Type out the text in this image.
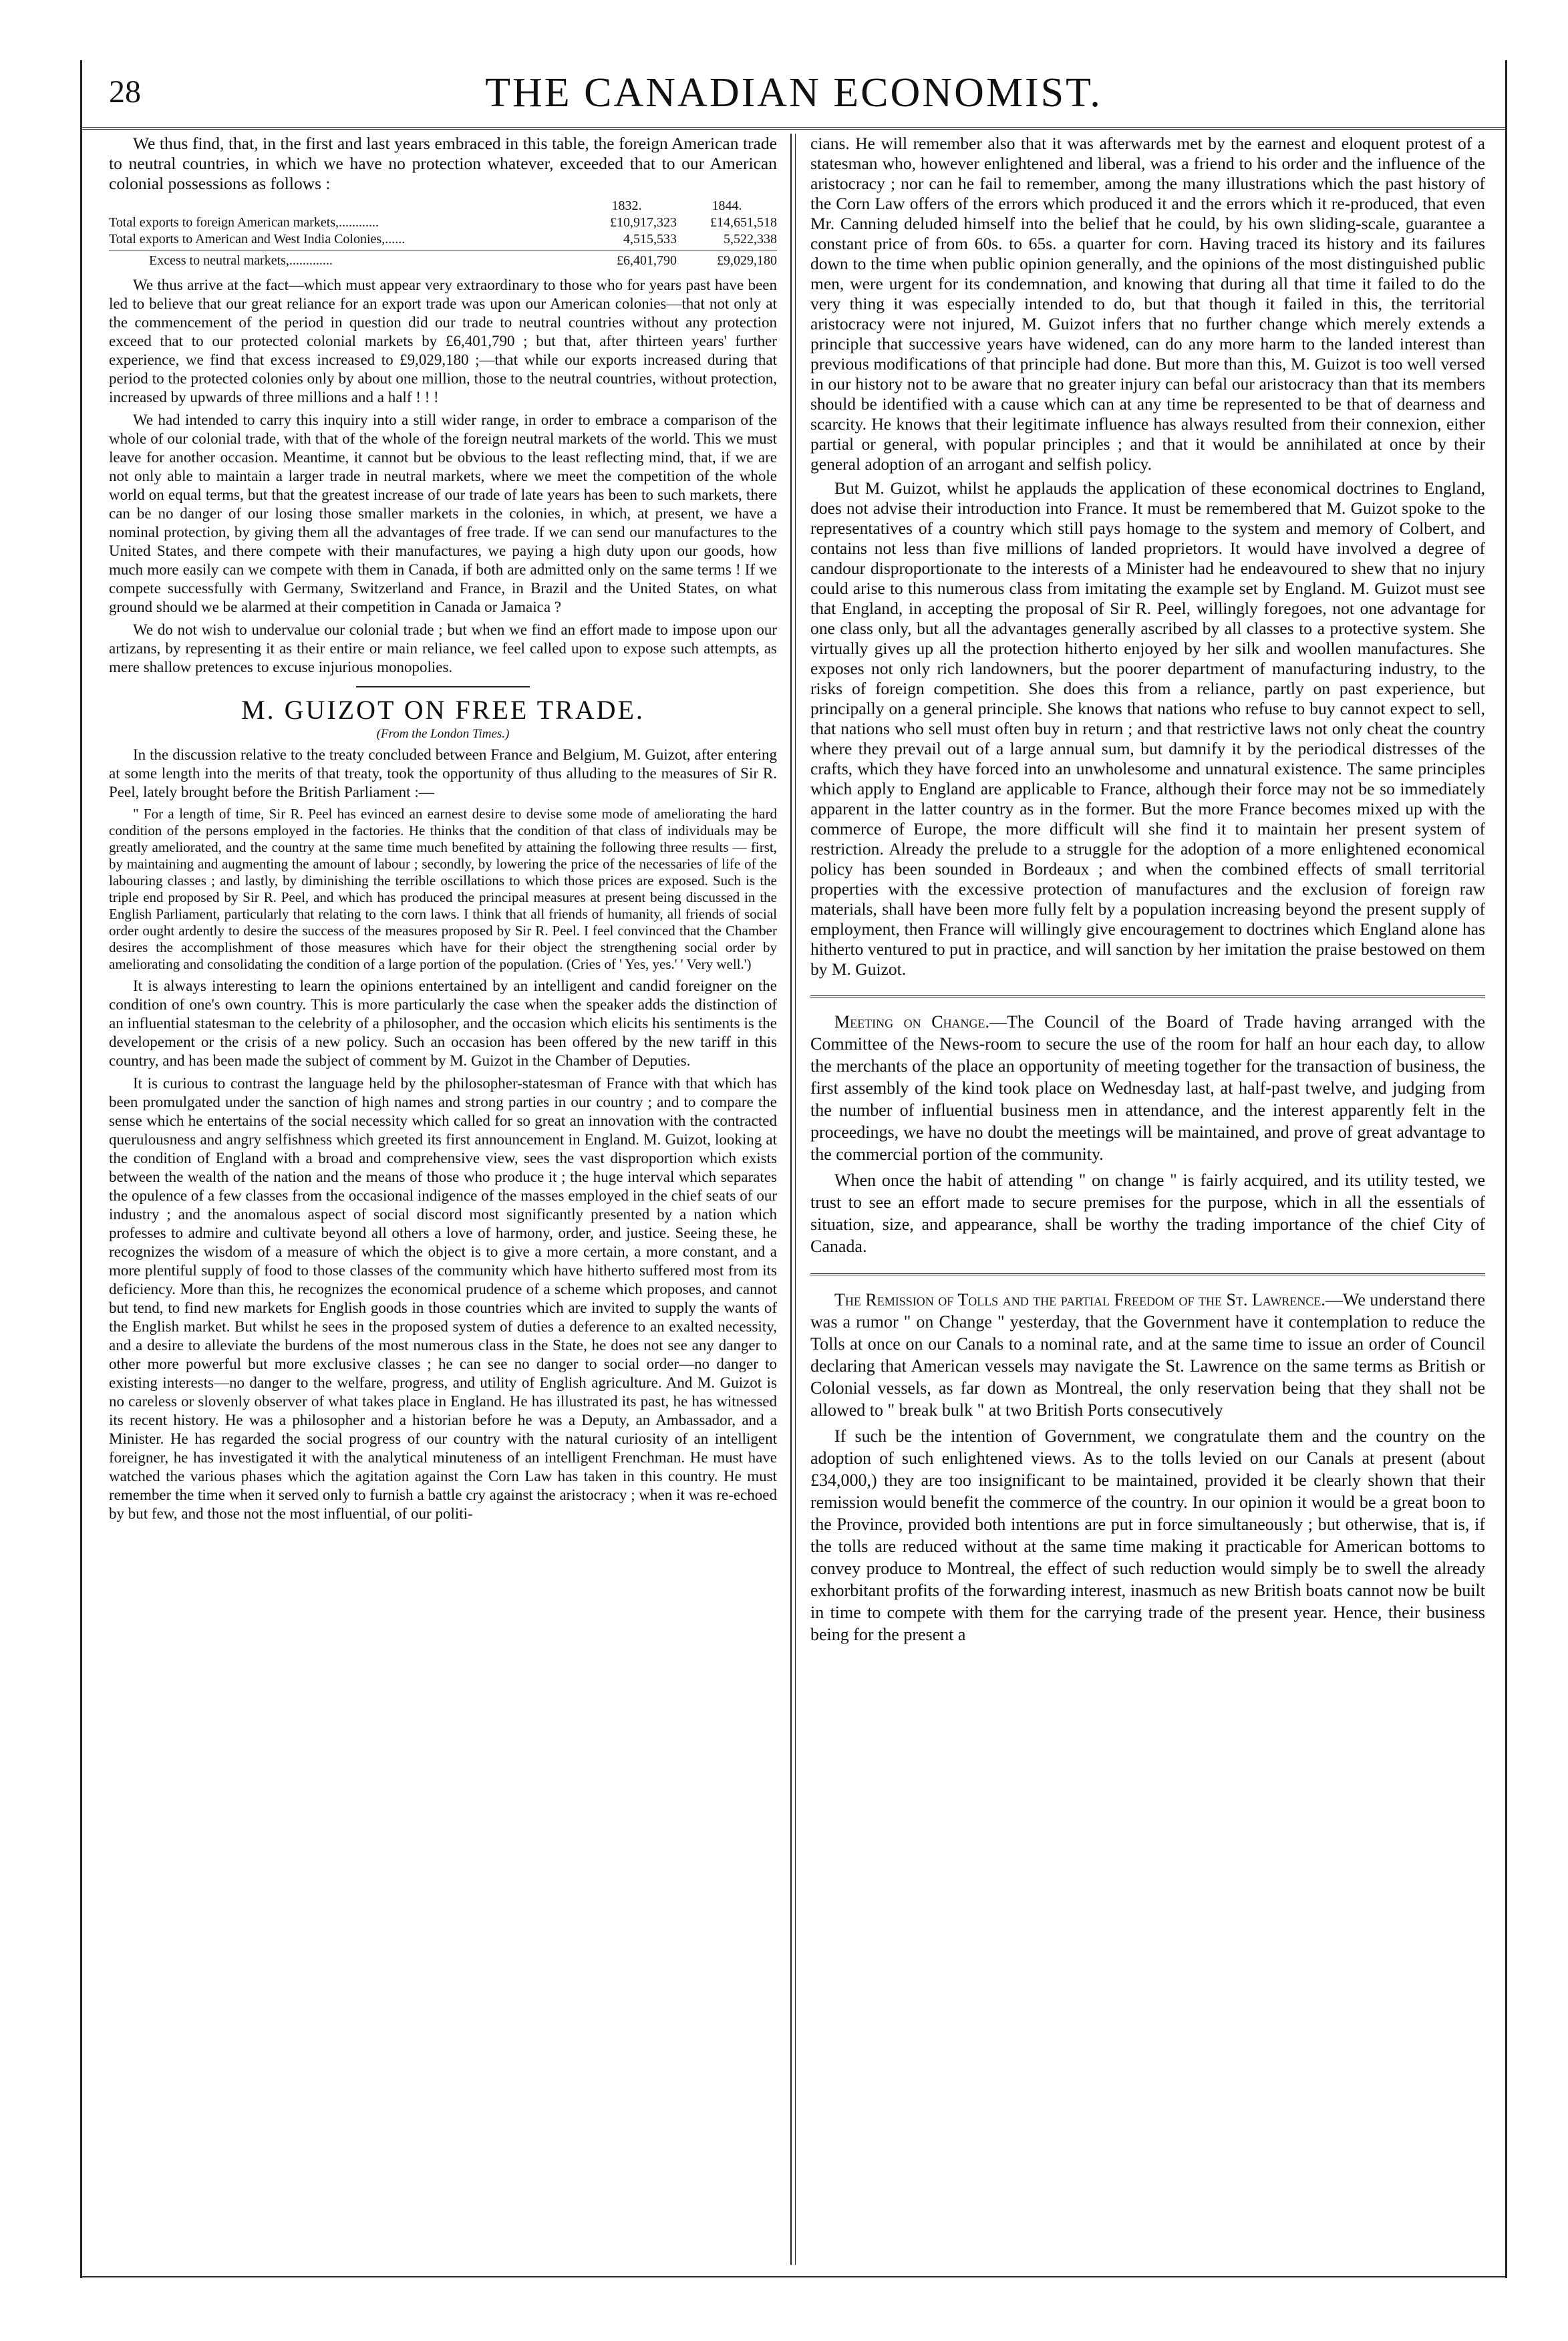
28	THE CANADIAN ECONOMIST.

We thus find, that, in the first and last years embraced in this table, the foreign American trade to neutral countries, in which we have no protection whatever, exceeded that to our American colonial possessions as follows :

1832.	1844.
Total exports to foreign American markets,............	£10,917,323	£14,651,518
Total exports to American and West India Colonies,......	4,515,533	5,522,338
Excess to neutral markets,.............	£6,401,790	£9,029,180

We thus arrive at the fact—which must appear very extraordinary to those who for years past have been led to believe that our great reliance for an export trade was upon our American colonies—that not only at the commencement of the period in question did our trade to neutral countries without any protection exceed that to our protected colonial markets by £6,401,790 ; but that, after thirteen years' further experience, we find that excess increased to £9,029,180 ;—that while our exports increased during that period to the protected colonies only by about one million, those to the neutral countries, without protection, increased by upwards of three millions and a half ! ! !

We had intended to carry this inquiry into a still wider range, in order to embrace a comparison of the whole of our colonial trade, with that of the whole of the foreign neutral markets of the world. This we must leave for another occasion. Meantime, it cannot but be obvious to the least reflecting mind, that, if we are not only able to maintain a larger trade in neutral markets, where we meet the competition of the whole world on equal terms, but that the greatest increase of our trade of late years has been to such markets, there can be no danger of our losing those smaller markets in the colonies, in which, at present, we have a nominal protection, by giving them all the advantages of free trade. If we can send our manufactures to the United States, and there compete with their manufactures, we paying a high duty upon our goods, how much more easily can we compete with them in Canada, if both are admitted only on the same terms ! If we compete successfully with Germany, Switzerland and France, in Brazil and the United States, on what ground should we be alarmed at their competition in Canada or Jamaica ?

We do not wish to undervalue our colonial trade ; but when we find an effort made to impose upon our artizans, by representing it as their entire or main reliance, we feel called upon to expose such attempts, as mere shallow pretences to excuse injurious monopolies.

M. GUIZOT ON FREE TRADE.
(From the London Times.)

In the discussion relative to the treaty concluded between France and Belgium, M. Guizot, after entering at some length into the merits of that treaty, took the opportunity of thus alluding to the measures of Sir R. Peel, lately brought before the British Parliament :—

" For a length of time, Sir R. Peel has evinced an earnest desire to devise some mode of ameliorating the hard condition of the persons employed in the factories. He thinks that the condition of that class of individuals may be greatly ameliorated, and the country at the same time much benefited by attaining the following three results — first, by maintaining and augmenting the amount of labour ; secondly, by lowering the price of the necessaries of life of the labouring classes ; and lastly, by diminishing the terrible oscillations to which those prices are exposed. Such is the triple end proposed by Sir R. Peel, and which has produced the principal measures at present being discussed in the English Parliament, particularly that relating to the corn laws. I think that all friends of humanity, all friends of social order ought ardently to desire the success of the measures proposed by Sir R. Peel. I feel convinced that the Chamber desires the accomplishment of those measures which have for their object the strengthening social order by ameliorating and consolidating the condition of a large portion of the population. (Cries of ' Yes, yes.' ' Very well.')

It is always interesting to learn the opinions entertained by an intelligent and candid foreigner on the condition of one's own country. This is more particularly the case when the speaker adds the distinction of an influential statesman to the celebrity of a philosopher, and the occasion which elicits his sentiments is the developement or the crisis of a new policy. Such an occasion has been offered by the new tariff in this country, and has been made the subject of comment by M. Guizot in the Chamber of Deputies.

It is curious to contrast the language held by the philosopher-statesman of France with that which has been promulgated under the sanction of high names and strong parties in our country ; and to compare the sense which he entertains of the social necessity which called for so great an innovation with the contracted querulousness and angry selfishness which greeted its first announcement in England. M. Guizot, looking at the condition of England with a broad and comprehensive view, sees the vast disproportion which exists between the wealth of the nation and the means of those who produce it ; the huge interval which separates the opulence of a few classes from the occasional indigence of the masses employed in the chief seats of our industry ; and the anomalous aspect of social discord most significantly presented by a nation which professes to admire and cultivate beyond all others a love of harmony, order, and justice. Seeing these, he recognizes the wisdom of a measure of which the object is to give a more certain, a more constant, and a more plentiful supply of food to those classes of the community which have hitherto suffered most from its deficiency. More than this, he recognizes the economical prudence of a scheme which proposes, and cannot but tend, to find new markets for English goods in those countries which are invited to supply the wants of the English market. But whilst he sees in the proposed system of duties a deference to an exalted necessity, and a desire to alleviate the burdens of the most numerous class in the State, he does not see any danger to other more powerful but more exclusive classes ; he can see no danger to social order—no danger to existing interests—no danger to the welfare, progress, and utility of English agriculture. And M. Guizot is no careless or slovenly observer of what takes place in England. He has illustrated its past, he has witnessed its recent history. He was a philosopher and a historian before he was a Deputy, an Ambassador, and a Minister. He has regarded the social progress of our country with the natural curiosity of an intelligent foreigner, he has investigated it with the analytical minuteness of an intelligent Frenchman. He must have watched the various phases which the agitation against the Corn Law has taken in this country. He must remember the time when it served only to furnish a battle cry against the aristocracy ; when it was re-echoed by but few, and those not the most influential, of our politi-

cians. He will remember also that it was afterwards met by the earnest and eloquent protest of a statesman who, however enlightened and liberal, was a friend to his order and the influence of the aristocracy ; nor can he fail to remember, among the many illustrations which the past history of the Corn Law offers of the errors which produced it and the errors which it re-produced, that even Mr. Canning deluded himself into the belief that he could, by his own sliding-scale, guarantee a constant price of from 60s. to 65s. a quarter for corn. Having traced its history and its failures down to the time when public opinion generally, and the opinions of the most distinguished public men, were urgent for its condemnation, and knowing that during all that time it failed to do the very thing it was especially intended to do, but that though it failed in this, the territorial aristocracy were not injured, M. Guizot infers that no further change which merely extends a principle that successive years have widened, can do any more harm to the landed interest than previous modifications of that principle had done. But more than this, M. Guizot is too well versed in our history not to be aware that no greater injury can befal our aristocracy than that its members should be identified with a cause which can at any time be represented to be that of dearness and scarcity. He knows that their legitimate influence has always resulted from their connexion, either partial or general, with popular principles ; and that it would be annihilated at once by their general adoption of an arrogant and selfish policy.

But M. Guizot, whilst he applauds the application of these economical doctrines to England, does not advise their introduction into France. It must be remembered that M. Guizot spoke to the representatives of a country which still pays homage to the system and memory of Colbert, and contains not less than five millions of landed proprietors. It would have involved a degree of candour disproportionate to the interests of a Minister had he endeavoured to shew that no injury could arise to this numerous class from imitating the example set by England. M. Guizot must see that England, in accepting the proposal of Sir R. Peel, willingly foregoes, not one advantage for one class only, but all the advantages generally ascribed by all classes to a protective system. She virtually gives up all the protection hitherto enjoyed by her silk and woollen manufactures. She exposes not only rich landowners, but the poorer department of manufacturing industry, to the risks of foreign competition. She does this from a reliance, partly on past experience, but principally on a general principle. She knows that nations who refuse to buy cannot expect to sell, that nations who sell must often buy in return ; and that restrictive laws not only cheat the country where they prevail out of a large annual sum, but damnify it by the periodical distresses of the crafts, which they have forced into an unwholesome and unnatural existence. The same principles which apply to England are applicable to France, although their force may not be so immediately apparent in the latter country as in the former. But the more France becomes mixed up with the commerce of Europe, the more difficult will she find it to maintain her present system of restriction. Already the prelude to a struggle for the adoption of a more enlightened economical policy has been sounded in Bordeaux ; and when the combined effects of small territorial properties with the excessive protection of manufactures and the exclusion of foreign raw materials, shall have been more fully felt by a population increasing beyond the present supply of employment, then France will willingly give encouragement to doctrines which England alone has hitherto ventured to put in practice, and will sanction by her imitation the praise bestowed on them by M. Guizot.

Meeting on Change.—The Council of the Board of Trade having arranged with the Committee of the News-room to secure the use of the room for half an hour each day, to allow the merchants of the place an opportunity of meeting together for the transaction of business, the first assembly of the kind took place on Wednesday last, at half-past twelve, and judging from the number of influential business men in attendance, and the interest apparently felt in the proceedings, we have no doubt the meetings will be maintained, and prove of great advantage to the commercial portion of the community.

When once the habit of attending " on change " is fairly acquired, and its utility tested, we trust to see an effort made to secure premises for the purpose, which in all the essentials of situation, size, and appearance, shall be worthy the trading importance of the chief City of Canada.

The Remission of Tolls and the partial Freedom of the St. Lawrence.—We understand there was a rumor " on Change " yesterday, that the Government have it contemplation to reduce the Tolls at once on our Canals to a nominal rate, and at the same time to issue an order of Council declaring that American vessels may navigate the St. Lawrence on the same terms as British or Colonial vessels, as far down as Montreal, the only reservation being that they shall not be allowed to " break bulk " at two British Ports consecutively

If such be the intention of Government, we congratulate them and the country on the adoption of such enlightened views. As to the tolls levied on our Canals at present (about £34,000,) they are too insignificant to be maintained, provided it be clearly shown that their remission would benefit the commerce of the country. In our opinion it would be a great boon to the Province, provided both intentions are put in force simultaneously ; but otherwise, that is, if the tolls are reduced without at the same time making it practicable for American bottoms to convey produce to Montreal, the effect of such reduction would simply be to swell the already exhorbitant profits of the forwarding interest, inasmuch as new British boats cannot now be built in time to compete with them for the carrying trade of the present year. Hence, their business being for the present a
